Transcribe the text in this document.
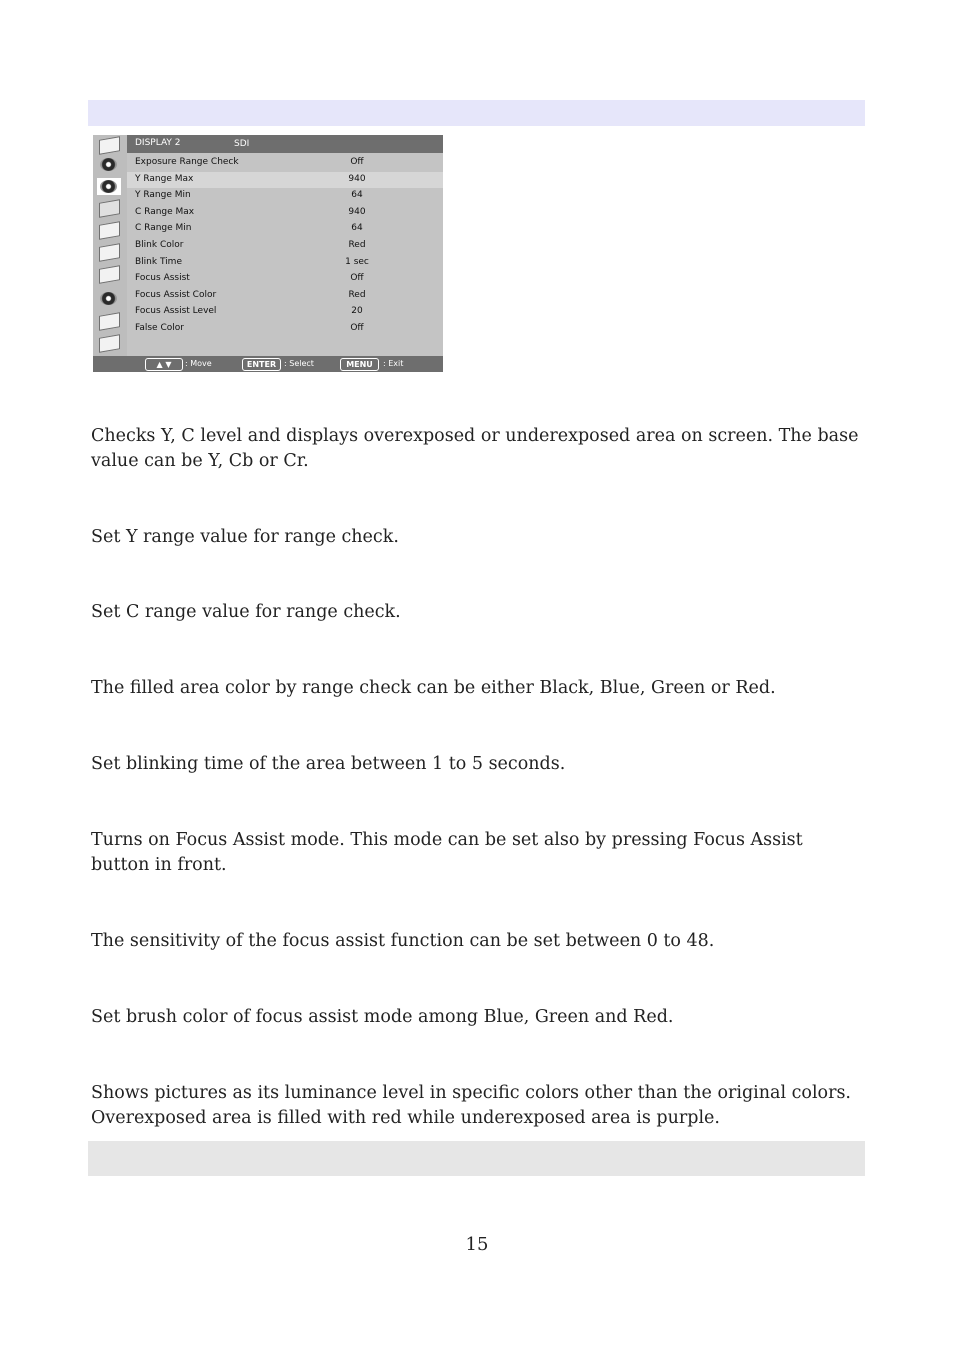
DISPLAY 2	SDI
Exposure Range Check	Off
Y Range Max	940
Y Range Min	64
C Range Max	940
C Range Min	64
Blink Color	Red
Blink Time	1 sec
Focus Assist	Off
Focus Assist Color	Red
Focus Assist Level	20
False Color	Off
▲ ▼	: Move	ENTER : Select	MENU	: Exit
Checks Y, C level and displays overexposed or underexposed area on screen. The base value can be Y, Cb or Cr.
Set Y range value for range check.
Set C range value for range check.
The filled area color by range check can be either Black, Blue, Green or Red.
Set blinking time of the area between 1 to 5 seconds.
Turns on Focus Assist mode. This mode can be set also by pressing Focus Assist button in front.
The sensitivity of the focus assist function can be set between 0 to 48.
Set brush color of focus assist mode among Blue, Green and Red.
Shows pictures as its luminance level in specific colors other than the original colors. Overexposed area is filled with red while underexposed area is purple.
15
